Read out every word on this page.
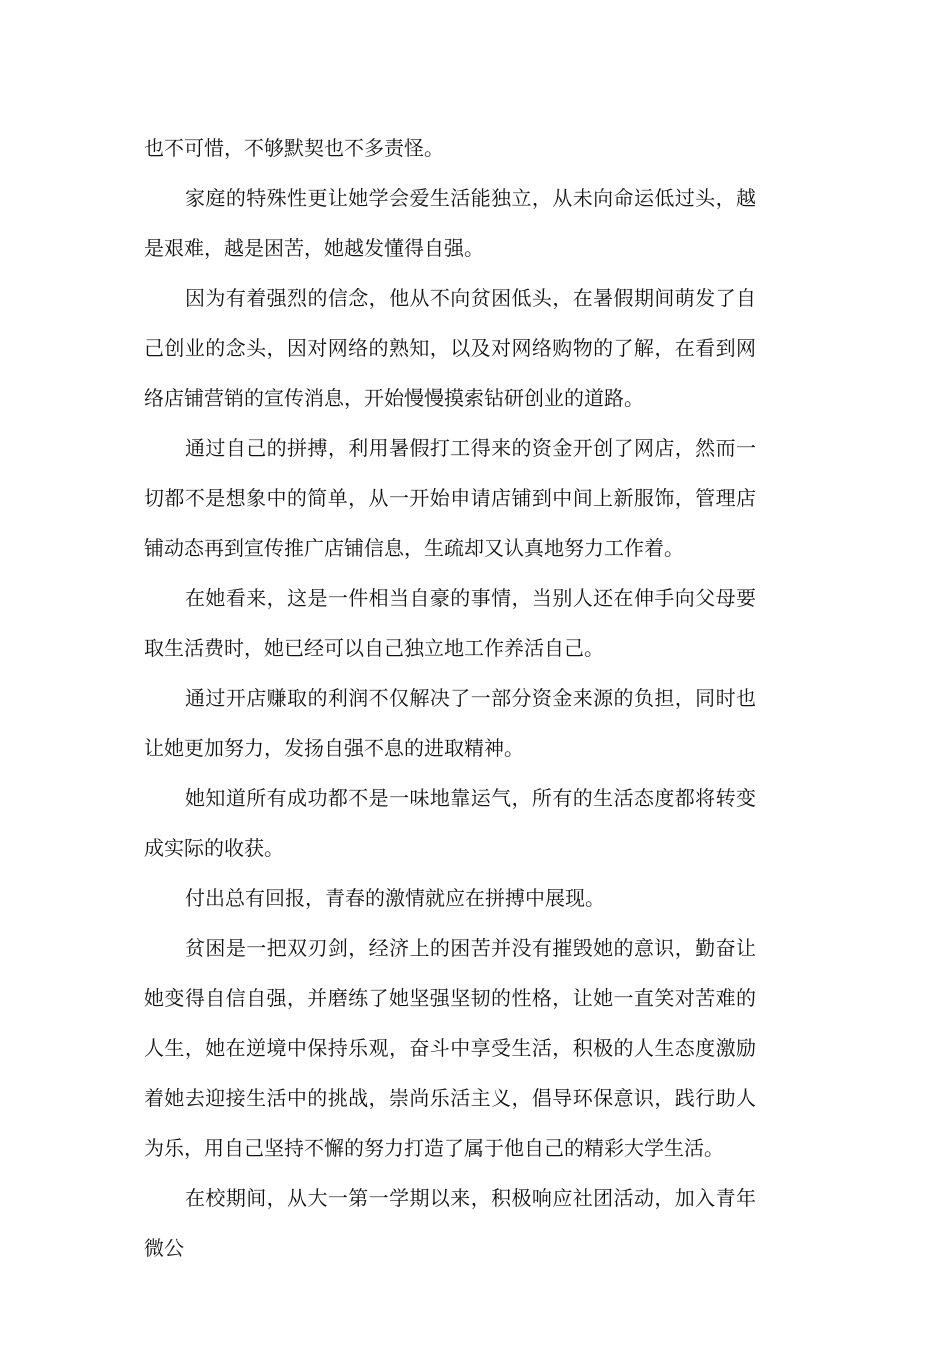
也不可惜，不够默契也不多责怪。

家庭的特殊性更让她学会爱生活能独立，从未向命运低过头，越是艰难，越是困苦，她越发懂得自强。

因为有着强烈的信念，他从不向贫困低头，在暑假期间萌发了自己创业的念头，因对网络的熟知，以及对网络购物的了解，在看到网络店铺营销的宣传消息，开始慢慢摸索钻研创业的道路。

通过自己的拼搏，利用暑假打工得来的资金开创了网店，然而一切都不是想象中的简单，从一开始申请店铺到中间上新服饰，管理店铺动态再到宣传推广店铺信息，生疏却又认真地努力工作着。

在她看来，这是一件相当自豪的事情，当别人还在伸手向父母要取生活费时，她已经可以自己独立地工作养活自己。

通过开店赚取的利润不仅解决了一部分资金来源的负担，同时也让她更加努力，发扬自强不息的进取精神。

她知道所有成功都不是一味地靠运气，所有的生活态度都将转变成实际的收获。

付出总有回报，青春的激情就应在拼搏中展现。

贫困是一把双刃剑，经济上的困苦并没有摧毁她的意识，勤奋让她变得自信自强，并磨练了她坚强坚韧的性格，让她一直笑对苦难的人生，她在逆境中保持乐观，奋斗中享受生活，积极的人生态度激励着她去迎接生活中的挑战，崇尚乐活主义，倡导环保意识，践行助人为乐，用自己坚持不懈的努力打造了属于他自己的精彩大学生活。

在校期间，从大一第一学期以来，积极响应社团活动，加入青年微公
